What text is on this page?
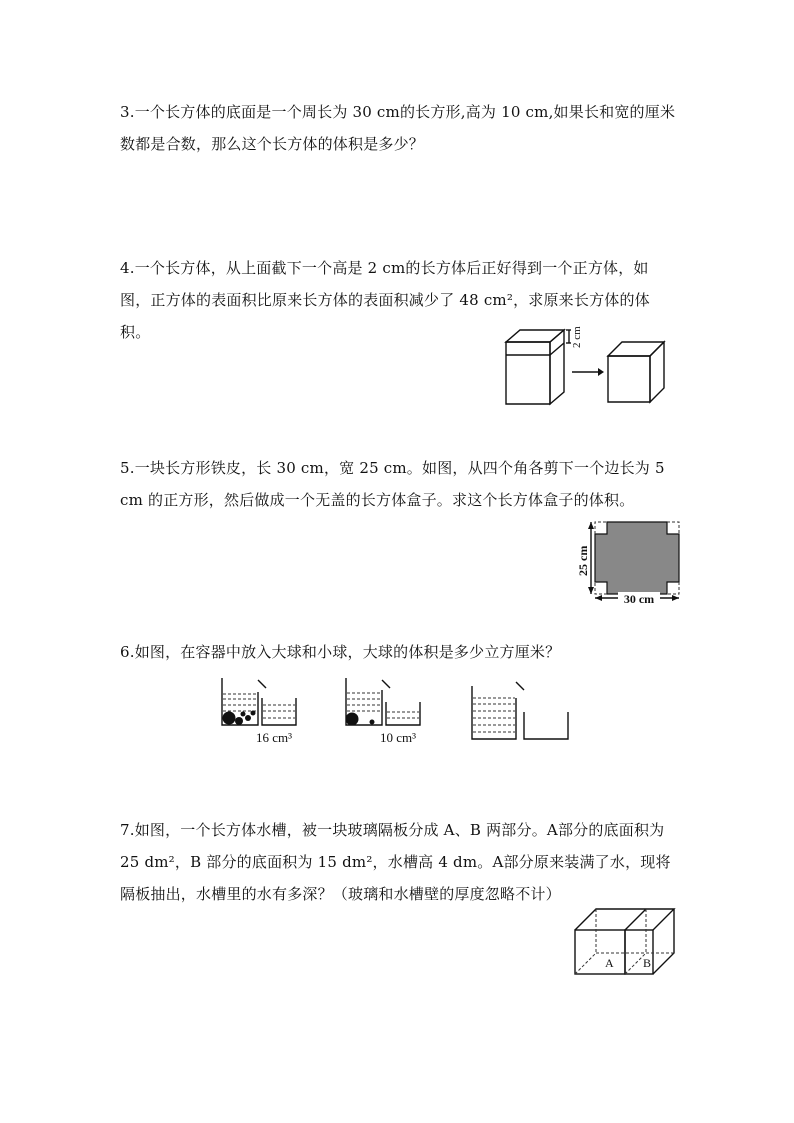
3.一个长方体的底面是一个周长为 30 cm的长方形,高为 10 cm,如果长和宽的厘米数都是合数，那么这个长方体的体积是多少？

4.一个长方体，从上面截下一个高是 2 cm的长方体后正好得到一个正方体，如图，正方体的表面积比原来长方体的表面积减少了 48 cm²，求原来长方体的体积。	2 cm

5.一块长方形铁皮，长 30 cm，宽 25 cm。如图，从四个角各剪下一个边长为 5 cm 的正方形，然后做成一个无盖的长方体盒子。求这个长方体盒子的体积。

25 cm
30 cm

6.如图，在容器中放入大球和小球，大球的体积是多少立方厘米？

16 cm³	10 cm³

7.如图，一个长方体水槽，被一块玻璃隔板分成 A、B 两部分。A部分的底面积为 25 dm²，B 部分的底面积为 15 dm²，水槽高 4 dm。A部分原来装满了水，现将隔板抽出，水槽里的水有多深？（玻璃和水槽壁的厚度忽略不计）

A B
